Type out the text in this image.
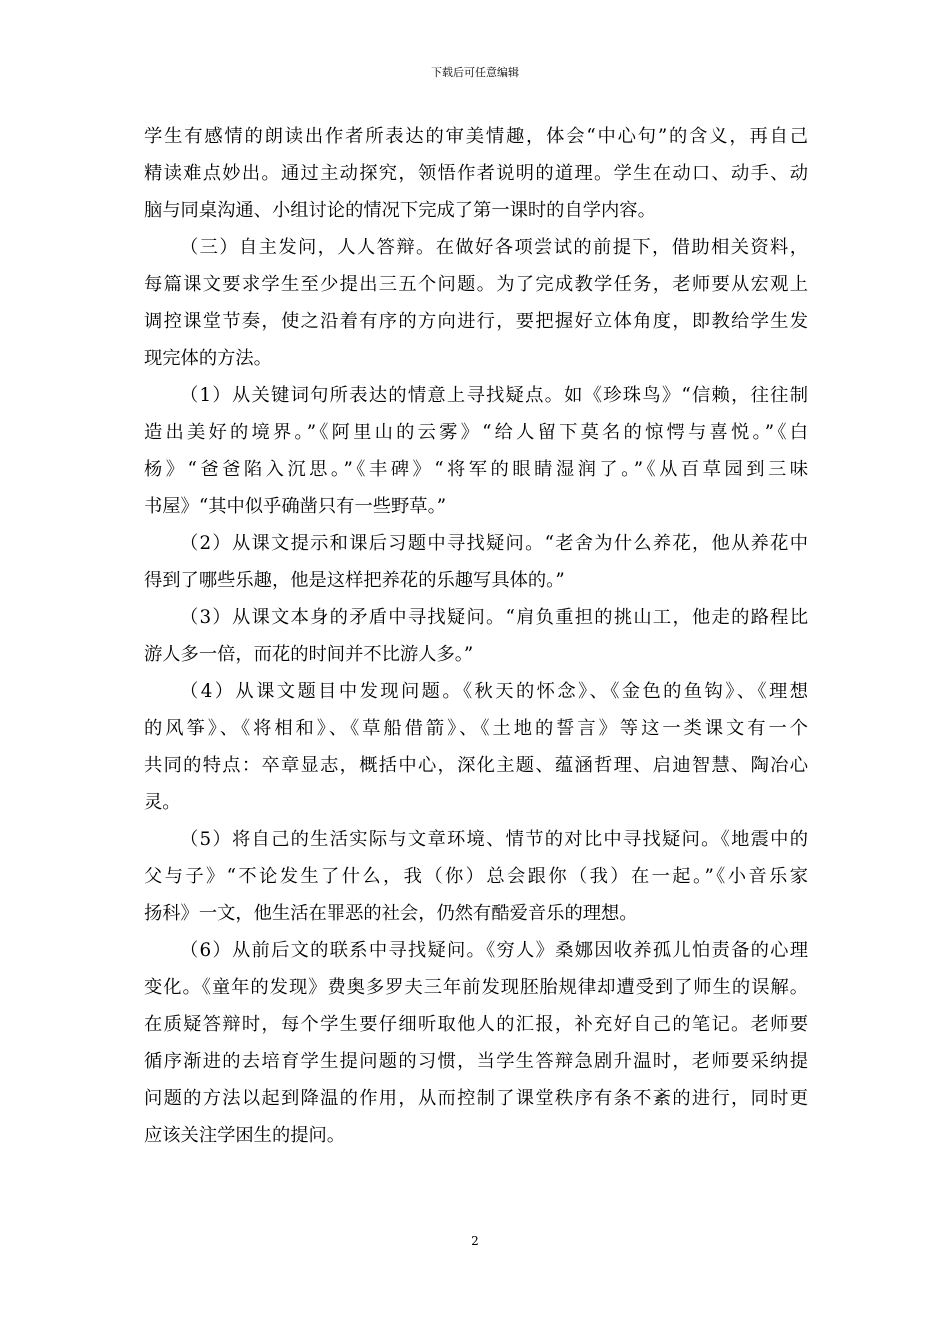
下载后可任意编辑
学生有感情的朗读出作者所表达的审美情趣，体会“中心句”的含义，再自己
精读难点妙出。通过主动探究，领悟作者说明的道理。学生在动口、动手、动
脑与同桌沟通、小组讨论的情况下完成了第一课时的自学内容。
（三）自主发问，人人答辩。在做好各项尝试的前提下，借助相关资料，
每篇课文要求学生至少提出三五个问题。为了完成教学任务，老师要从宏观上
调控课堂节奏，使之沿着有序的方向进行，要把握好立体角度，即教给学生发
现完体的方法。
（1）从关键词句所表达的情意上寻找疑点。如《珍珠鸟》“信赖，往往制
造出美好的境界。”《阿里山的云雾》“给人留下莫名的惊愕与喜悦。”《白
杨》“爸爸陷入沉思。”《丰碑》“将军的眼睛湿润了。”《从百草园到三味
书屋》“其中似乎确凿只有一些野草。”
（2）从课文提示和课后习题中寻找疑问。“老舍为什么养花，他从养花中
得到了哪些乐趣，他是这样把养花的乐趣写具体的。”
（3）从课文本身的矛盾中寻找疑问。“肩负重担的挑山工，他走的路程比
游人多一倍，而花的时间并不比游人多。”
（4）从课文题目中发现问题。《秋天的怀念》、《金色的鱼钩》、《理想
的风筝》、《将相和》、《草船借箭》、《土地的誓言》等这一类课文有一个
共同的特点：卒章显志，概括中心，深化主题、蕴涵哲理、启迪智慧、陶冶心
灵。
（5）将自己的生活实际与文章环境、情节的对比中寻找疑问。《地震中的
父与子》“不论发生了什么，我（你）总会跟你（我）在一起。”《小音乐家
扬科》一文，他生活在罪恶的社会，仍然有酷爱音乐的理想。
（6）从前后文的联系中寻找疑问。《穷人》桑娜因收养孤儿怕责备的心理
变化。《童年的发现》费奥多罗夫三年前发现胚胎规律却遭受到了师生的误解。
在质疑答辩时，每个学生要仔细听取他人的汇报，补充好自己的笔记。老师要
循序渐进的去培育学生提问题的习惯，当学生答辩急剧升温时，老师要采纳提
问题的方法以起到降温的作用，从而控制了课堂秩序有条不紊的进行，同时更
应该关注学困生的提问。
2
